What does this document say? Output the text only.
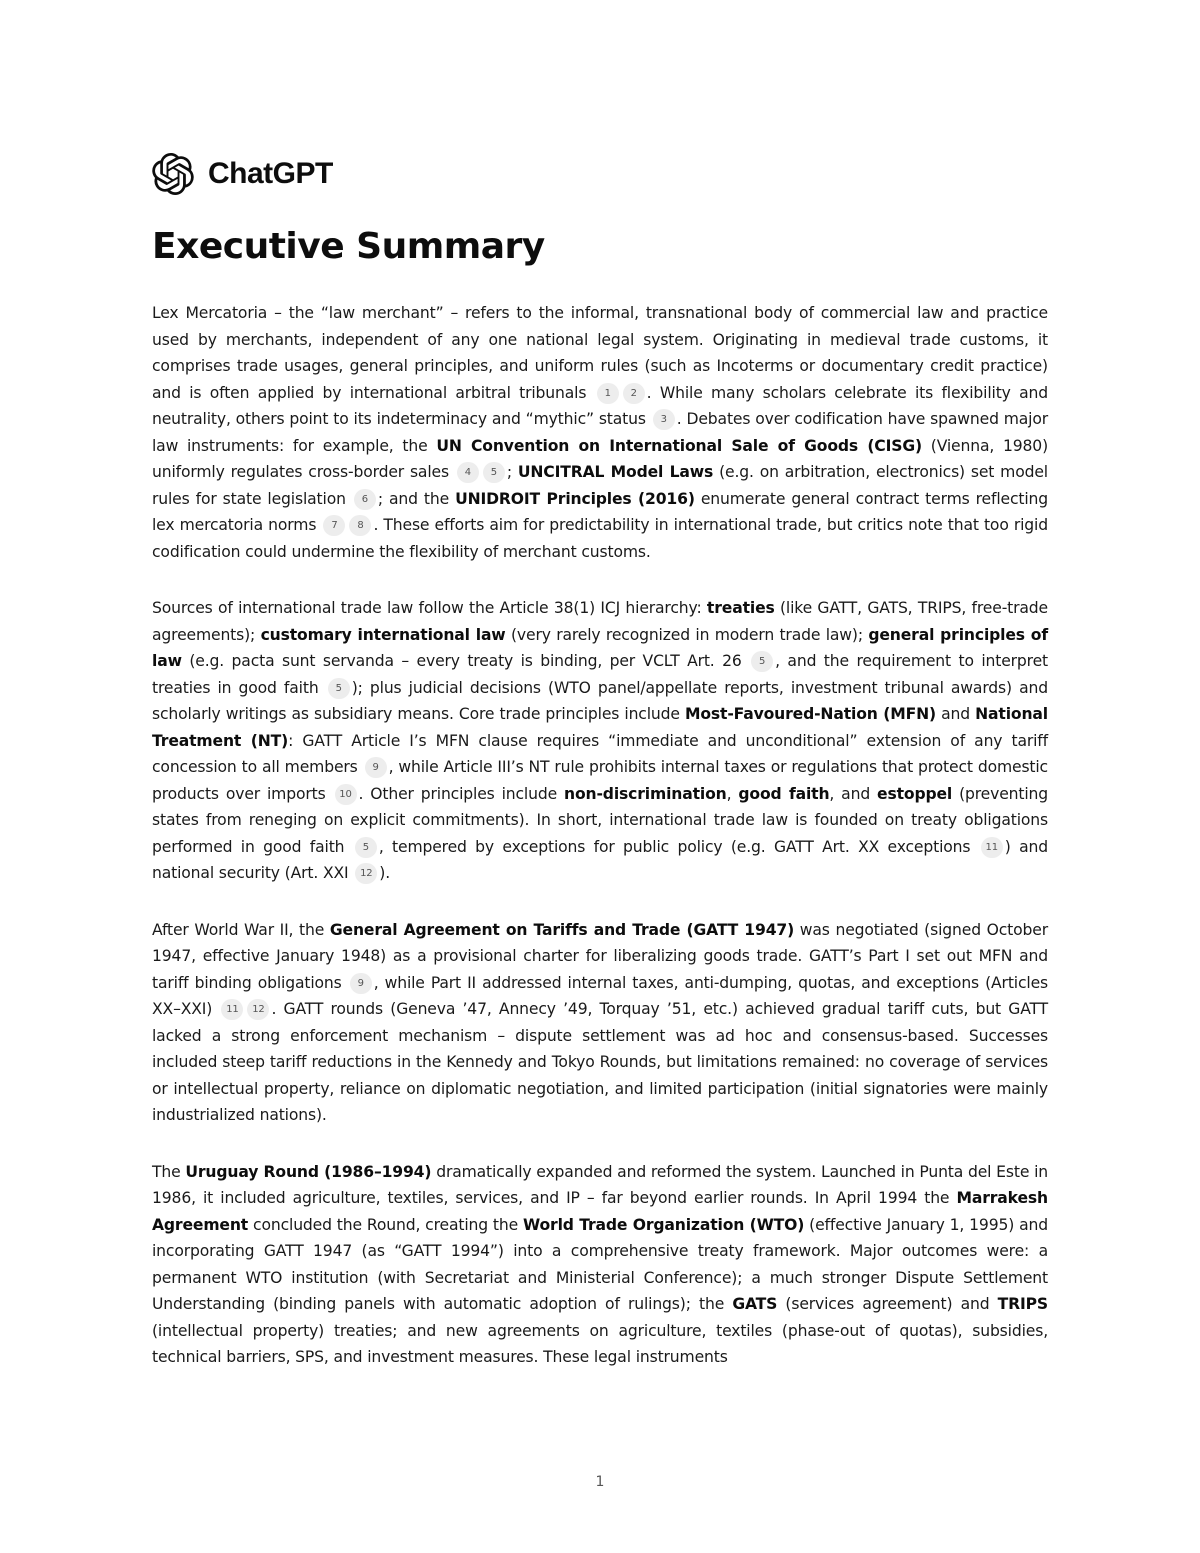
ChatGPT
Executive Summary

Lex Mercatoria – the “law merchant” – refers to the informal, transnational body of commercial law and practice used by merchants, independent of any one national legal system. Originating in medieval trade customs, it comprises trade usages, general principles, and uniform rules (such as Incoterms or documentary credit practice) and is often applied by international arbitral tribunals 1 2 . While many scholars celebrate its flexibility and neutrality, others point to its indeterminacy and “mythic” status 3 . Debates over codification have spawned major law instruments: for example, the UN Convention on International Sale of Goods (CISG) (Vienna, 1980) uniformly regulates cross-border sales 4 5 ; UNCITRAL Model Laws (e.g. on arbitration, electronics) set model rules for state legislation 6 ; and the UNIDROIT Principles (2016) enumerate general contract terms reflecting lex mercatoria norms 7 8 . These efforts aim for predictability in international trade, but critics note that too rigid codification could undermine the flexibility of merchant customs.

Sources of international trade law follow the Article 38(1) ICJ hierarchy: treaties (like GATT, GATS, TRIPS, free-trade agreements); customary international law (very rarely recognized in modern trade law); general principles of law (e.g. pacta sunt servanda – every treaty is binding, per VCLT Art. 26 5 , and the requirement to interpret treaties in good faith 5 ); plus judicial decisions (WTO panel/appellate reports, investment tribunal awards) and scholarly writings as subsidiary means. Core trade principles include Most-Favoured-Nation (MFN) and National Treatment (NT): GATT Article I’s MFN clause requires “immediate and unconditional” extension of any tariff concession to all members 9 , while Article III’s NT rule prohibits internal taxes or regulations that protect domestic products over imports 10 . Other principles include non-discrimination, good faith, and estoppel (preventing states from reneging on explicit commitments). In short, international trade law is founded on treaty obligations performed in good faith 5 , tempered by exceptions for public policy (e.g. GATT Art. XX exceptions 11 ) and national security (Art. XXI 12 ).

After World War II, the General Agreement on Tariffs and Trade (GATT 1947) was negotiated (signed October 1947, effective January 1948) as a provisional charter for liberalizing goods trade. GATT’s Part I set out MFN and tariff binding obligations 9 , while Part II addressed internal taxes, anti-dumping, quotas, and exceptions (Articles XX–XXI) 11 12 . GATT rounds (Geneva ’47, Annecy ’49, Torquay ’51, etc.) achieved gradual tariff cuts, but GATT lacked a strong enforcement mechanism – dispute settlement was ad hoc and consensus-based. Successes included steep tariff reductions in the Kennedy and Tokyo Rounds, but limitations remained: no coverage of services or intellectual property, reliance on diplomatic negotiation, and limited participation (initial signatories were mainly industrialized nations).

The Uruguay Round (1986–1994) dramatically expanded and reformed the system. Launched in Punta del Este in 1986, it included agriculture, textiles, services, and IP – far beyond earlier rounds. In April 1994 the Marrakesh Agreement concluded the Round, creating the World Trade Organization (WTO) (effective January 1, 1995) and incorporating GATT 1947 (as “GATT 1994”) into a comprehensive treaty framework. Major outcomes were: a permanent WTO institution (with Secretariat and Ministerial Conference); a much stronger Dispute Settlement Understanding (binding panels with automatic adoption of rulings); the GATS (services agreement) and TRIPS (intellectual property) treaties; and new agreements on agriculture, textiles (phase-out of quotas), subsidies, technical barriers, SPS, and investment measures. These legal instruments

1
